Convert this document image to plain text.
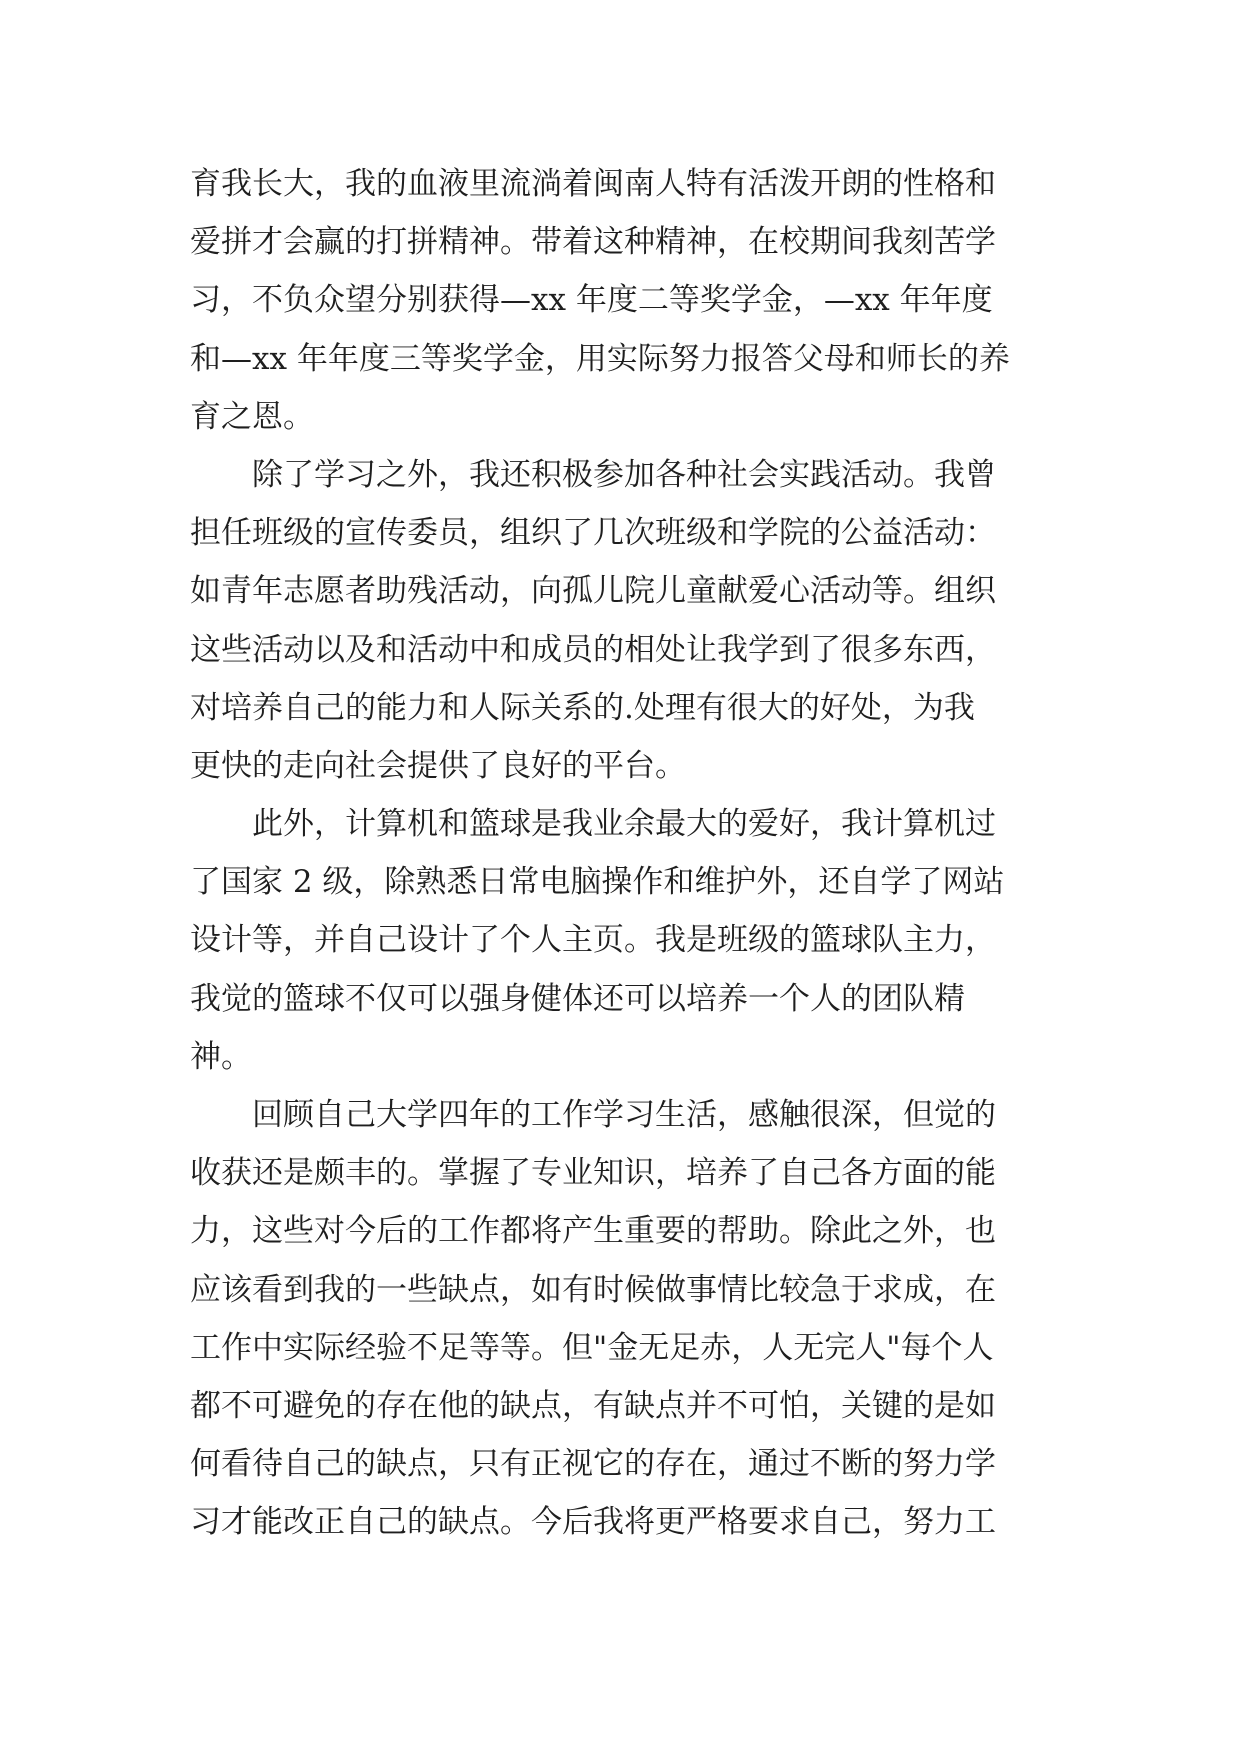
育我长大，我的血液里流淌着闽南人特有活泼开朗的性格和
爱拼才会赢的打拼精神。带着这种精神，在校期间我刻苦学
习，不负众望分别获得—xx 年度二等奖学金，—xx 年年度
和—xx 年年度三等奖学金，用实际努力报答父母和师长的养
育之恩。
除了学习之外，我还积极参加各种社会实践活动。我曾
担任班级的宣传委员，组织了几次班级和学院的公益活动：
如青年志愿者助残活动，向孤儿院儿童献爱心活动等。组织
这些活动以及和活动中和成员的相处让我学到了很多东西，
对培养自己的能力和人际关系的.处理有很大的好处，为我
更快的走向社会提供了良好的平台。
此外，计算机和篮球是我业余最大的爱好，我计算机过
了国家 2 级，除熟悉日常电脑操作和维护外，还自学了网站
设计等，并自己设计了个人主页。我是班级的篮球队主力，
我觉的篮球不仅可以强身健体还可以培养一个人的团队精
神。
回顾自己大学四年的工作学习生活，感触很深，但觉的
收获还是颇丰的。掌握了专业知识，培养了自己各方面的能
力，这些对今后的工作都将产生重要的帮助。除此之外，也
应该看到我的一些缺点，如有时候做事情比较急于求成，在
工作中实际经验不足等等。但"金无足赤，人无完人"每个人
都不可避免的存在他的缺点，有缺点并不可怕，关键的是如
何看待自己的缺点，只有正视它的存在，通过不断的努力学
习才能改正自己的缺点。今后我将更严格要求自己，努力工
